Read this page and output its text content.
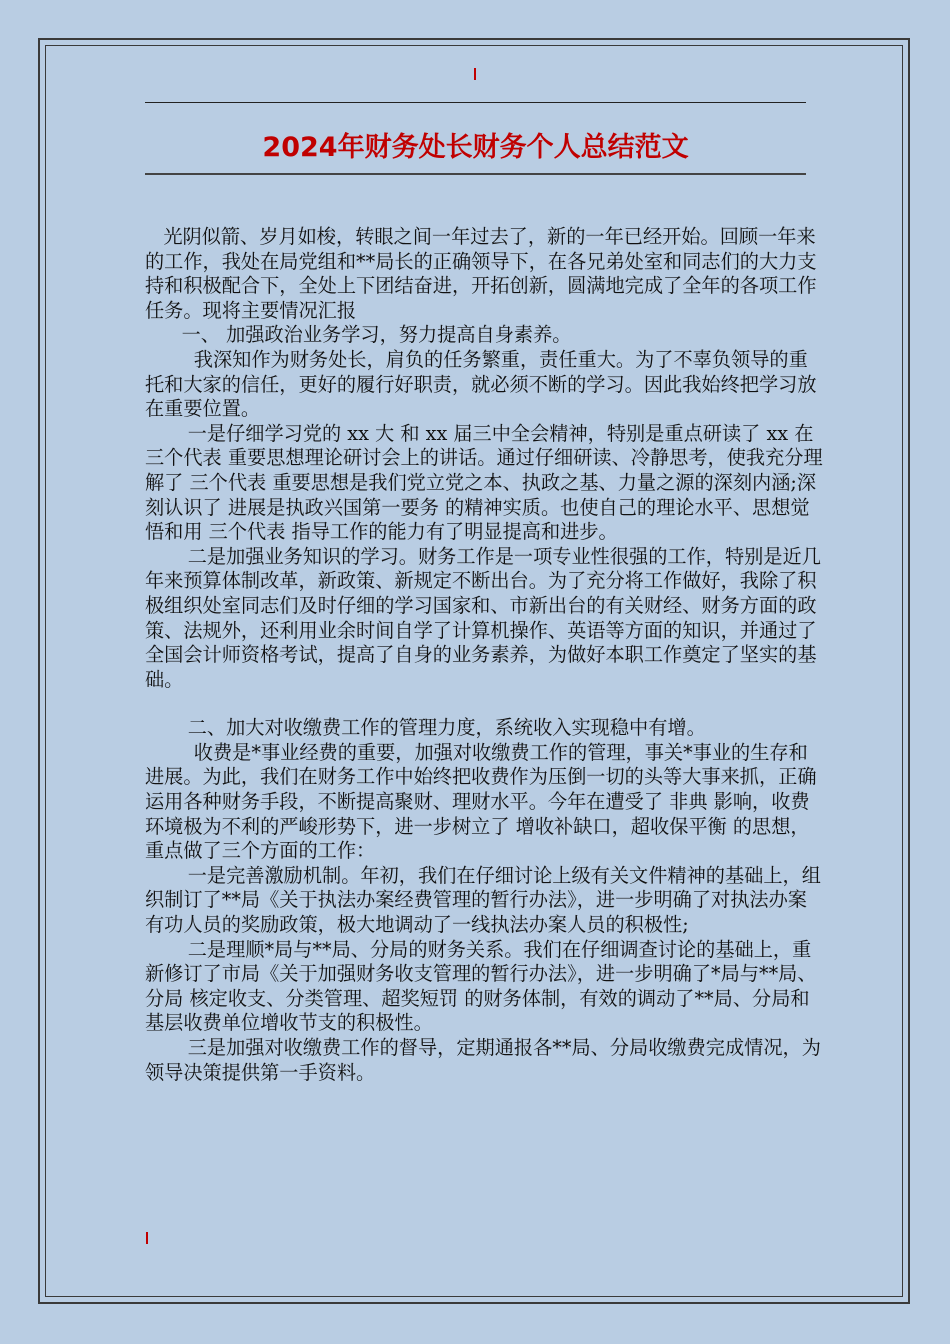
2024年财务处长财务个人总结范文

光阴似箭、岁月如梭，转眼之间一年过去了，新的一年已经开始。回顾一年来的工作，我处在局党组和**局长的正确领导下，在各兄弟处室和同志们的大力支持和积极配合下，全处上下团结奋进，开拓创新，圆满地完成了全年的各项工作任务。现将主要情况汇报

一、 加强政治业务学习，努力提高自身素养。

我深知作为财务处长，肩负的任务繁重，责任重大。为了不辜负领导的重托和大家的信任，更好的履行好职责，就必须不断的学习。因此我始终把学习放在重要位置。

一是仔细学习党的 xx 大 和 xx 届三中全会精神，特别是重点研读了 xx 在 三个代表 重要思想理论研讨会上的讲话。通过仔细研读、冷静思考，使我充分理解了 三个代表 重要思想是我们党立党之本、执政之基、力量之源的深刻内涵;深刻认识了 进展是执政兴国第一要务 的精神实质。也使自己的理论水平、思想觉悟和用 三个代表 指导工作的能力有了明显提高和进步。

二是加强业务知识的学习。财务工作是一项专业性很强的工作，特别是近几年来预算体制改革，新政策、新规定不断出台。为了充分将工作做好，我除了积极组织处室同志们及时仔细的学习国家和、市新出台的有关财经、财务方面的政策、法规外，还利用业余时间自学了计算机操作、英语等方面的知识，并通过了全国会计师资格考试，提高了自身的业务素养，为做好本职工作奠定了坚实的基础。

二、加大对收缴费工作的管理力度，系统收入实现稳中有增。

收费是*事业经费的重要，加强对收缴费工作的管理，事关*事业的生存和进展。为此，我们在财务工作中始终把收费作为压倒一切的头等大事来抓，正确运用各种财务手段，不断提高聚财、理财水平。今年在遭受了 非典 影响，收费环境极为不利的严峻形势下，进一步树立了 增收补缺口，超收保平衡 的思想，重点做了三个方面的工作：

一是完善激励机制。年初，我们在仔细讨论上级有关文件精神的基础上，组织制订了**局《关于执法办案经费管理的暂行办法》，进一步明确了对执法办案有功人员的奖励政策，极大地调动了一线执法办案人员的积极性;

二是理顺*局与**局、分局的财务关系。我们在仔细调查讨论的基础上，重新修订了市局《关于加强财务收支管理的暂行办法》，进一步明确了*局与**局、分局 核定收支、分类管理、超奖短罚 的财务体制，有效的调动了**局、分局和基层收费单位增收节支的积极性。

三是加强对收缴费工作的督导，定期通报各**局、分局收缴费完成情况，为领导决策提供第一手资料。
